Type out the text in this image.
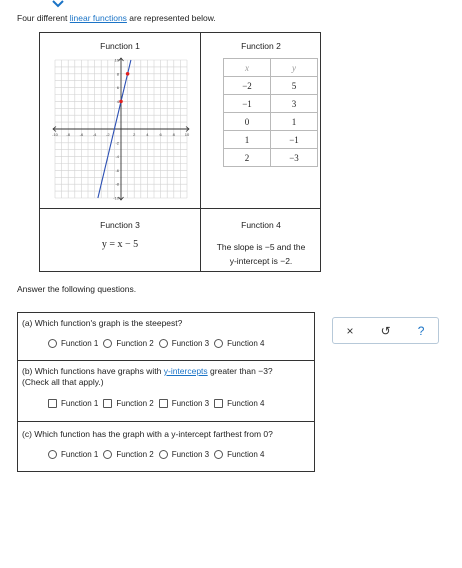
Four different linear functions are represented below.
Function 1	Function 2
-10 -8 -6 -4 -2	2	4	6	8 10
10
8
6
4
-2
-4
-6
-8
-10
x	y
−2	5
−1	3
0	1
1	−1
2	−3
Function 3	Function 4
y = x − 5	The slope is −5 and the
y-intercept is −2.
Answer the following questions.
(a) Which function's graph is the steepest?
Function 1 Function 2 Function 3 Function 4
(b) Which functions have graphs with y-intercepts greater than −3?
(Check all that apply.)
Function 1 Function 2 Function 3 Function 4
(c) Which function has the graph with a y-intercept farthest from 0?
Function 1 Function 2 Function 3 Function 4
× ↺ ?
